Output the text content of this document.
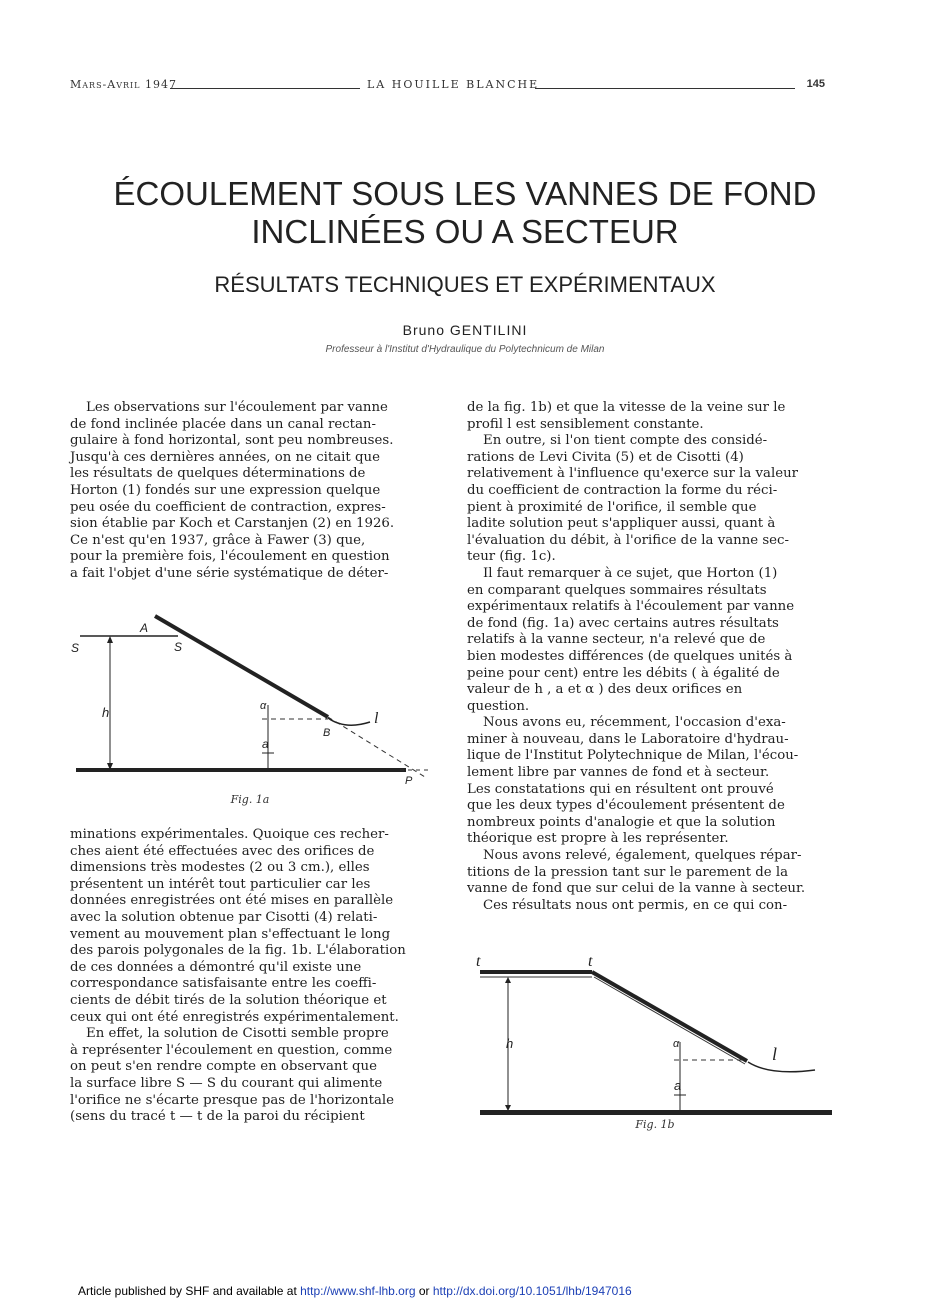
Mars-Avril 1947	LA HOUILLE BLANCHE	145
ÉCOULEMENT SOUS LES VANNES DE FOND
INCLINÉES OU A SECTEUR
RÉSULTATS TECHNIQUES ET EXPÉRIMENTAUX
Bruno GENTILINI
Professeur à l'Institut d'Hydraulique du Polytechnicum de Milan
Les observations sur l'écoulement par vanne
de fond inclinée placée dans un canal rectan-
gulaire à fond horizontal, sont peu nombreuses.
Jusqu'à ces dernières années, on ne citait que
les résultats de quelques déterminations de
Horton (1) fondés sur une expression quelque
peu osée du coefficient de contraction, expres-
sion établie par Koch et Carstanjen (2) en 1926.
Ce n'est qu'en 1937, grâce à Fawer (3) que,
pour la première fois, l'écoulement en question
a fait l'objet d'une série systématique de déter-
A
S	S
h	α
a
B
l
P
Fig. 1a
minations expérimentales. Quoique ces recher-
ches aient été effectuées avec des orifices de
dimensions très modestes (2 ou 3 cm.), elles
présentent un intérêt tout particulier car les
données enregistrées ont été mises en parallèle
avec la solution obtenue par Cisotti (4) relati-
vement au mouvement plan s'effectuant le long
des parois polygonales de la fig. 1b. L'élaboration
de ces données a démontré qu'il existe une
correspondance satisfaisante entre les coeffi-
cients de débit tirés de la solution théorique et
ceux qui ont été enregistrés expérimentalement.
En effet, la solution de Cisotti semble propre
à représenter l'écoulement en question, comme
on peut s'en rendre compte en observant que
la surface libre S — S du courant qui alimente
l'orifice ne s'écarte presque pas de l'horizontale
(sens du tracé t — t de la paroi du récipient
de la fig. 1b) et que la vitesse de la veine sur le
profil l est sensiblement constante.
En outre, si l'on tient compte des considé-
rations de Levi Civita (5) et de Cisotti (4)
relativement à l'influence qu'exerce sur la valeur
du coefficient de contraction la forme du réci-
pient à proximité de l'orifice, il semble que
ladite solution peut s'appliquer aussi, quant à
l'évaluation du débit, à l'orifice de la vanne sec-
teur (fig. 1c).
Il faut remarquer à ce sujet, que Horton (1)
en comparant quelques sommaires résultats
expérimentaux relatifs à l'écoulement par vanne
de fond (fig. 1a) avec certains autres résultats
relatifs à la vanne secteur, n'a relevé que de
bien modestes différences (de quelques unités à
peine pour cent) entre les débits ( à égalité de
valeur de h , a et α ) des deux orifices en
question.
Nous avons eu, récemment, l'occasion d'exa-
miner à nouveau, dans le Laboratoire d'hydrau-
lique de l'Institut Polytechnique de Milan, l'écou-
lement libre par vannes de fond et à secteur.
Les constatations qui en résultent ont prouvé
que les deux types d'écoulement présentent de
nombreux points d'analogie et que la solution
théorique est propre à les représenter.
Nous avons relevé, également, quelques répar-
titions de la pression tant sur le parement de la
vanne de fond que sur celui de la vanne à secteur.
Ces résultats nous ont permis, en ce qui con-
t	t
h	α
a
l
Fig. 1b
Article published by SHF and available at http://www.shf-lhb.org or http://dx.doi.org/10.1051/lhb/1947016
